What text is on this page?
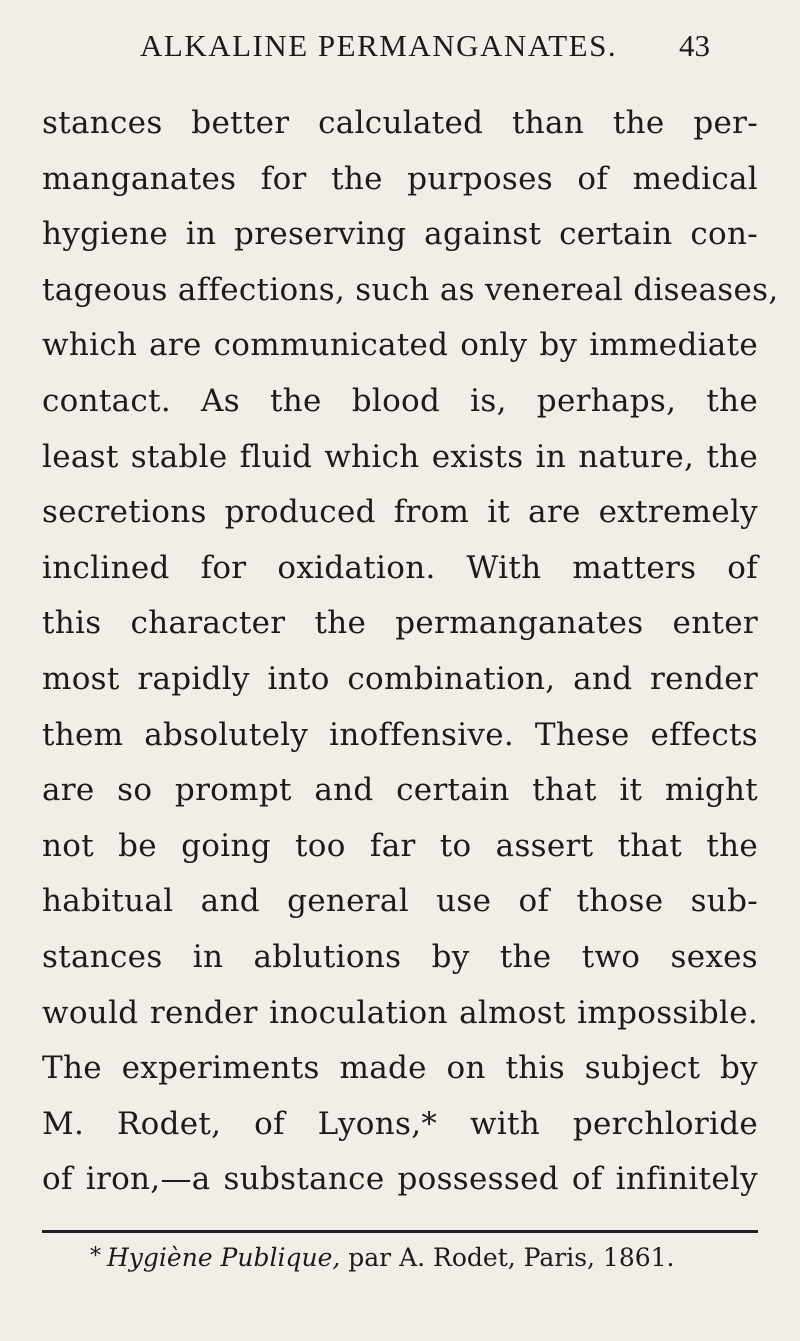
ALKALINE PERMANGANATES. 43
stances better calculated than the per-
manganates for the purposes of medical
hygiene in preserving against certain con-
tageous affections, such as venereal diseases,
which are communicated only by immediate
contact. As the blood is, perhaps, the
least stable fluid which exists in nature, the
secretions produced from it are extremely
inclined for oxidation. With matters of
this character the permanganates enter
most rapidly into combination, and render
them absolutely inoffensive. These effects
are so prompt and certain that it might
not be going too far to assert that the
habitual and general use of those sub-
stances in ablutions by the two sexes
would render inoculation almost impossible.
The experiments made on this subject by
M. Rodet, of Lyons,* with perchloride
of iron,—a substance possessed of infinitely
* Hygiène Publique, par A. Rodet, Paris, 1861.
